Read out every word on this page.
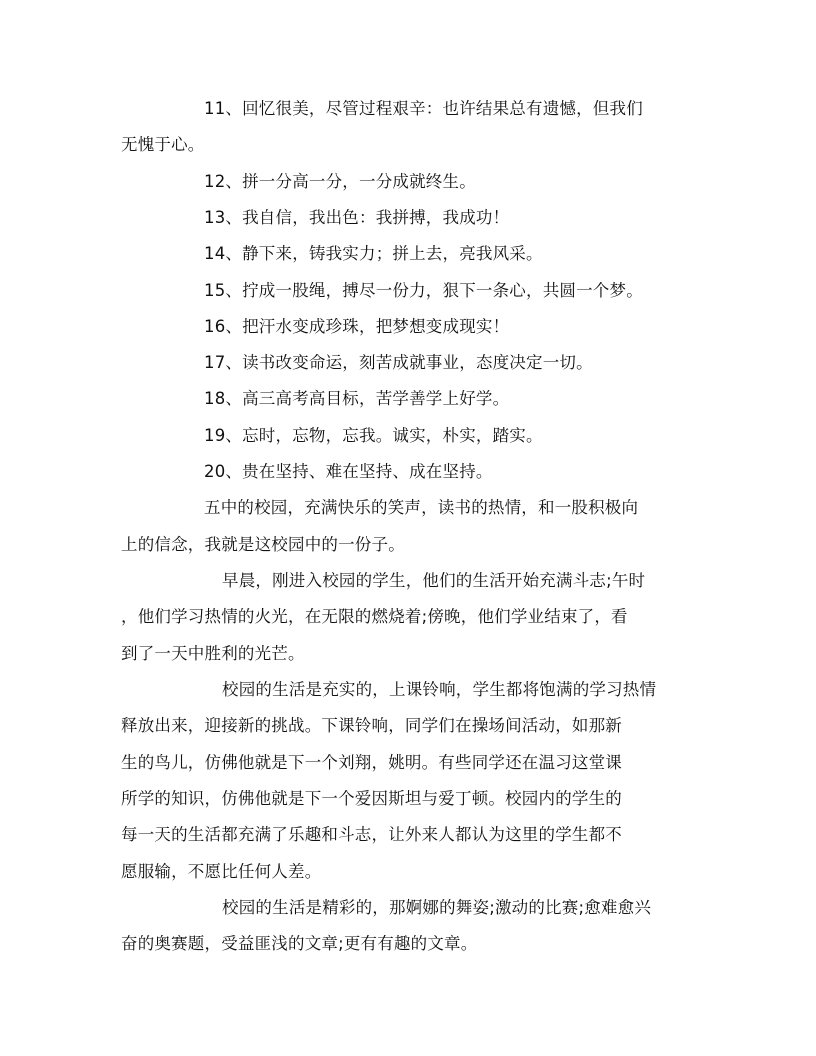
11、回忆很美，尽管过程艰辛：也许结果总有遗憾，但我们
无愧于心。
12、拼一分高一分，一分成就终生。
13、我自信，我出色：我拼搏，我成功！
14、静下来，铸我实力；拼上去，亮我风采。
15、拧成一股绳，搏尽一份力，狠下一条心，共圆一个梦。
16、把汗水变成珍珠，把梦想变成现实！
17、读书改变命运，刻苦成就事业，态度决定一切。
18、高三高考高目标，苦学善学上好学。
19、忘时，忘物，忘我。诚实，朴实，踏实。
20、贵在坚持、难在坚持、成在坚持。
五中的校园，充满快乐的笑声，读书的热情，和一股积极向
上的信念，我就是这校园中的一份子。
早晨，刚进入校园的学生，他们的生活开始充满斗志;午时
，他们学习热情的火光，在无限的燃烧着;傍晚，他们学业结束了，看
到了一天中胜利的光芒。
校园的生活是充实的，上课铃响，学生都将饱满的学习热情
释放出来，迎接新的挑战。下课铃响，同学们在操场间活动，如那新
生的鸟儿，仿佛他就是下一个刘翔，姚明。有些同学还在温习这堂课
所学的知识，仿佛他就是下一个爱因斯坦与爱丁顿。校园内的学生的
每一天的生活都充满了乐趣和斗志，让外来人都认为这里的学生都不
愿服输，不愿比任何人差。
校园的生活是精彩的，那婀娜的舞姿;激动的比赛;愈难愈兴
奋的奥赛题，受益匪浅的文章;更有有趣的文章。
